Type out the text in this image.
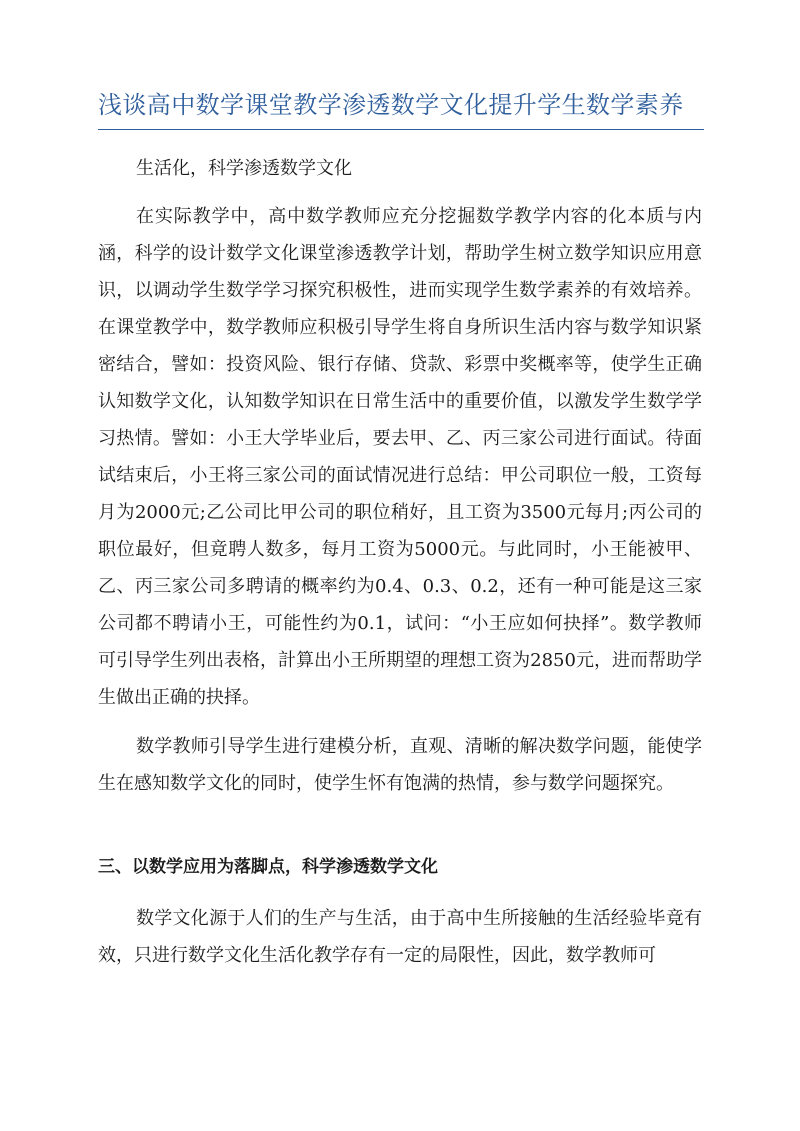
浅谈高中数学课堂教学渗透数学文化提升学生数学素养
生活化，科学渗透数学文化
在实际教学中，高中数学教师应充分挖掘数学教学内容的化本质与内涵，科学的设计数学文化课堂渗透教学计划，帮助学生树立数学知识应用意识，以调动学生数学学习探究积极性，进而实现学生数学素养的有效培养。在课堂教学中，数学教师应积极引导学生将自身所识生活内容与数学知识紧密结合，譬如：投资风险、银行存储、贷款、彩票中奖概率等，使学生正确认知数学文化，认知数学知识在日常生活中的重要价值，以激发学生数学学习热情。譬如：小王大学毕业后，要去甲、乙、丙三家公司进行面试。待面试结束后，小王将三家公司的面试情况进行总结：甲公司职位一般，工资每月为2000元;乙公司比甲公司的职位稍好，且工资为3500元每月;丙公司的职位最好，但竟聘人数多，每月工资为5000元。与此同时，小王能被甲、乙、丙三家公司多聘请的概率约为0.4、0.3、0.2，还有一种可能是这三家公司都不聘请小王，可能性约为0.1，试问：“小王应如何抉择”。数学教师可引导学生列出表格，計算出小王所期望的理想工资为2850元，进而帮助学生做出正确的抉择。
数学教师引导学生进行建模分析，直观、清晰的解决数学问题，能使学生在感知数学文化的同时，使学生怀有饱满的热情，参与数学问题探究。
三、以数学应用为落脚点，科学渗透数学文化
数学文化源于人们的生产与生活，由于高中生所接触的生活经验毕竟有效，只进行数学文化生活化教学存有一定的局限性，因此，数学教师可
